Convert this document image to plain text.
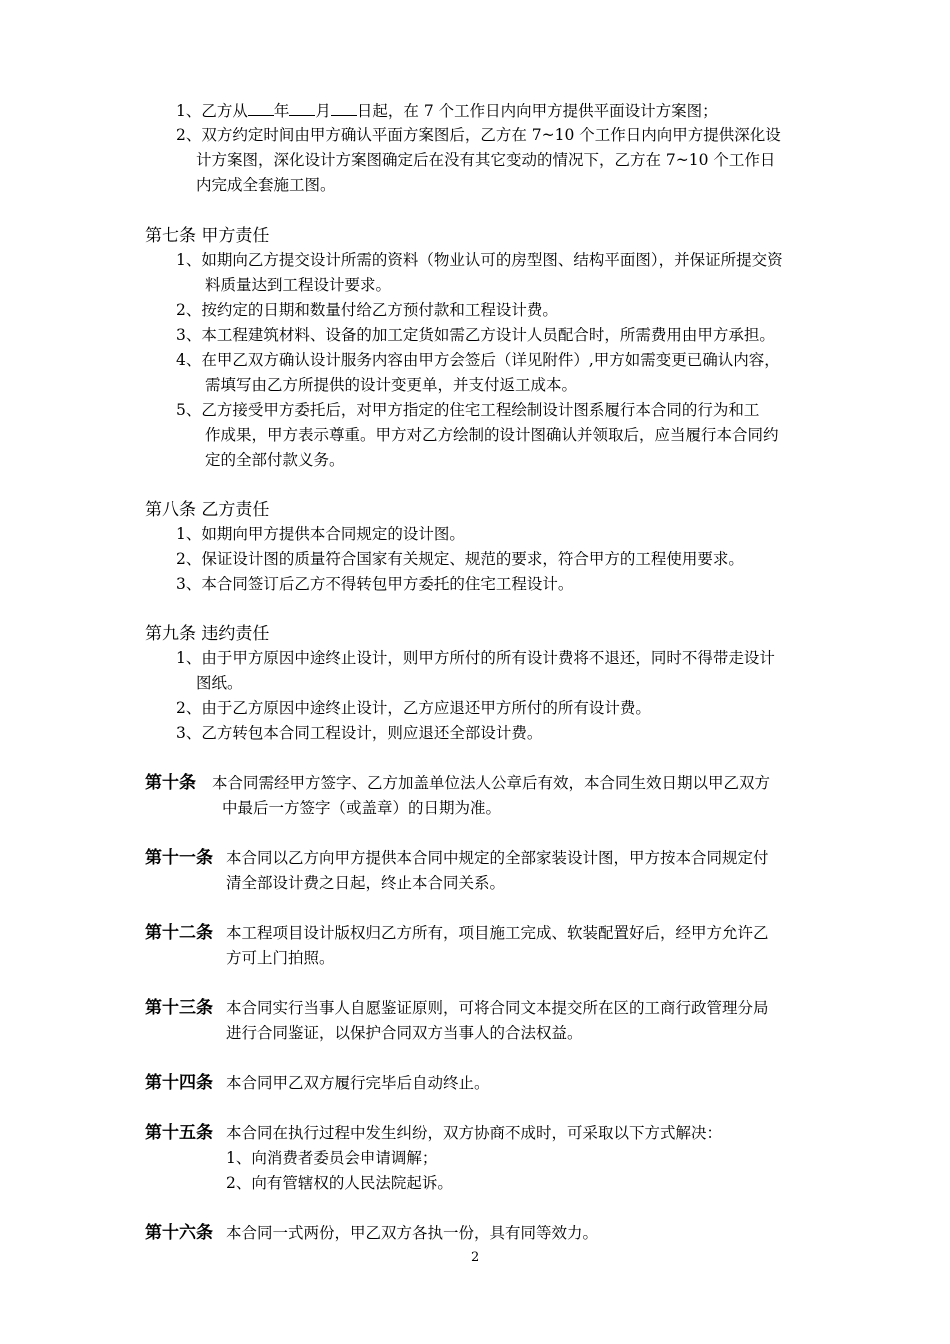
1、乙方从 年 月 日起，在 7 个工作日内向甲方提供平面设计方案图；
2、双方约定时间由甲方确认平面方案图后，乙方在 7~10 个工作日内向甲方提供深化设
计方案图，深化设计方案图确定后在没有其它变动的情况下，乙方在 7~10 个工作日
内完成全套施工图。
第七条 甲方责任
1、如期向乙方提交设计所需的资料（物业认可的房型图、结构平面图），并保证所提交资
料质量达到工程设计要求。
2、按约定的日期和数量付给乙方预付款和工程设计费。
3、本工程建筑材料、设备的加工定货如需乙方设计人员配合时，所需费用由甲方承担。
4、在甲乙双方确认设计服务内容由甲方会签后（详见附件）,甲方如需变更已确认内容，
需填写由乙方所提供的设计变更单，并支付返工成本。
5、乙方接受甲方委托后，对甲方指定的住宅工程绘制设计图系履行本合同的行为和工
作成果，甲方表示尊重。甲方对乙方绘制的设计图确认并领取后，应当履行本合同约
定的全部付款义务。
第八条 乙方责任
1、如期向甲方提供本合同规定的设计图。
2、保证设计图的质量符合国家有关规定、规范的要求，符合甲方的工程使用要求。
3、本合同签订后乙方不得转包甲方委托的住宅工程设计。
第九条 违约责任
1、由于甲方原因中途终止设计，则甲方所付的所有设计费将不退还，同时不得带走设计
图纸。
2、由于乙方原因中途终止设计，乙方应退还甲方所付的所有设计费。
3、乙方转包本合同工程设计，则应退还全部设计费。
第十条 本合同需经甲方签字、乙方加盖单位法人公章后有效，本合同生效日期以甲乙双方
中最后一方签字（或盖章）的日期为准。
第十一条 本合同以乙方向甲方提供本合同中规定的全部家装设计图，甲方按本合同规定付
清全部设计费之日起，终止本合同关系。
第十二条 本工程项目设计版权归乙方所有，项目施工完成、软装配置好后，经甲方允许乙
方可上门拍照。
第十三条 本合同实行当事人自愿鉴证原则，可将合同文本提交所在区的工商行政管理分局
进行合同鉴证，以保护合同双方当事人的合法权益。
第十四条 本合同甲乙双方履行完毕后自动终止。
第十五条 本合同在执行过程中发生纠纷，双方协商不成时，可采取以下方式解决：
1、向消费者委员会申请调解；
2、向有管辖权的人民法院起诉。
第十六条 本合同一式两份，甲乙双方各执一份，具有同等效力。
2
